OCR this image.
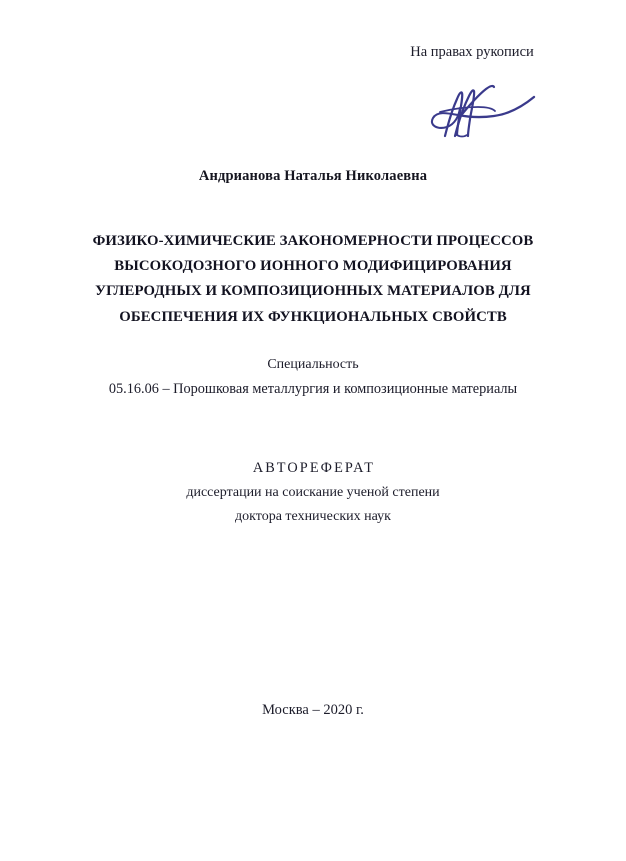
На правах рукописи
Андрианова Наталья Николаевна
ФИЗИКО-ХИМИЧЕСКИЕ ЗАКОНОМЕРНОСТИ ПРОЦЕССОВ
ВЫСОКОДОЗНОГО ИОННОГО МОДИФИЦИРОВАНИЯ
УГЛЕРОДНЫХ И КОМПОЗИЦИОННЫХ МАТЕРИАЛОВ ДЛЯ
ОБЕСПЕЧЕНИЯ ИХ ФУНКЦИОНАЛЬНЫХ СВОЙСТВ
Специальность
05.16.06 – Порошковая металлургия и композиционные материалы
АВТОРЕФЕРАТ
диссертации на соискание ученой степени
доктора технических наук
Москва – 2020 г.
